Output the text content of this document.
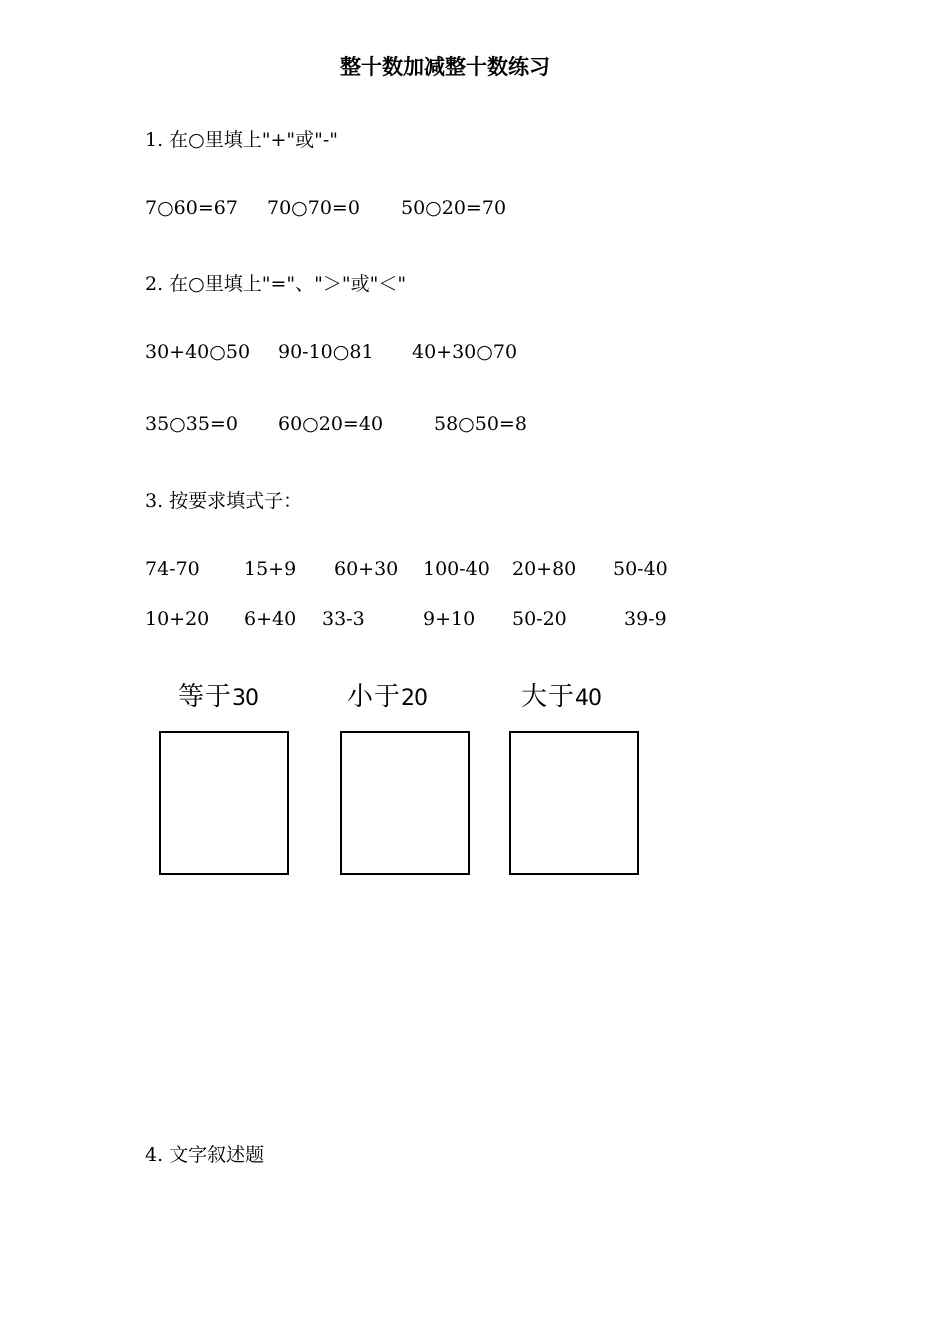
整十数加减整十数练习
1. 在○里填上"+"或"-"
7○60=67 70○70=0 50○20=70
2. 在○里填上"="、"＞"或"＜"
30+40○50 90-10○81 40+30○70
35○35=0 60○20=40	58○50=8
3. 按要求填式子：
74-70 15+9 60+30 100-40 20+80 50-40
10+20 6+40 33-3	9+10 50-20	39-9
等于30	小于20	大于40
4. 文字叙述题
